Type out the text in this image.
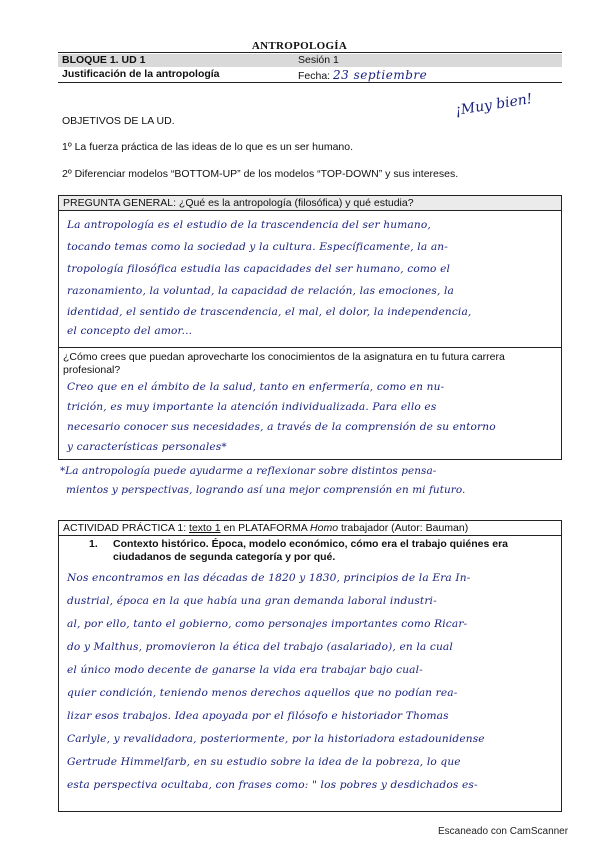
ANTROPOLOGÍA
BLOQUE 1. UD 1	Sesión 1
Justificación de la antropología	Fecha: 23 septiembre
¡Muy bien!
OBJETIVOS DE LA UD.
1º La fuerza práctica de las ideas de lo que es un ser humano.
2º Diferenciar modelos “BOTTOM-UP” de los modelos “TOP-DOWN” y sus intereses.
PREGUNTA GENERAL: ¿Qué es la antropología (filosófica) y qué estudia?
La antropología es el estudio de la trascendencia del ser humano,
tocando temas como la sociedad y la cultura. Específicamente, la an-
tropología filosófica estudia las capacidades del ser humano, como el
razonamiento, la voluntad, la capacidad de relación, las emociones, la
identidad, el sentido de trascendencia, el mal, el dolor, la independencia,
el concepto del amor...
¿Cómo crees que puedan aprovecharte los conocimientos de la asignatura en tu futura carrera profesional?
Creo que en el ámbito de la salud, tanto en enfermería, como en nu-
trición, es muy importante la atención individualizada. Para ello es
necesario conocer sus necesidades, a través de la comprensión de su entorno
y características personales*
*La antropología puede ayudarme a reflexionar sobre distintos pensa-
mientos y perspectivas, logrando así una mejor comprensión en mi futuro.
ACTIVIDAD PRÁCTICA 1: texto 1 en PLATAFORMA Homo trabajador (Autor: Bauman)
1. Contexto histórico. Época, modelo económico, cómo era el trabajo quiénes era ciudadanos de segunda categoría y por qué.
Nos encontramos en las décadas de 1820 y 1830, principios de la Era In-
dustrial, época en la que había una gran demanda laboral industri-
al, por ello, tanto el gobierno, como personajes importantes como Ricar-
do y Malthus, promovieron la ética del trabajo (asalariado), en la cual
el único modo decente de ganarse la vida era trabajar bajo cual-
quier condición, teniendo menos derechos aquellos que no podían rea-
lizar esos trabajos. Idea apoyada por el filósofo e historiador Thomas
Carlyle, y revalidadora, posteriormente, por la historiadora estadounidense
Gertrude Himmelfarb, en su estudio sobre la idea de la pobreza, lo que
esta perspectiva ocultaba, con frases como: " los pobres y desdichados es-
Escaneado con CamScanner
